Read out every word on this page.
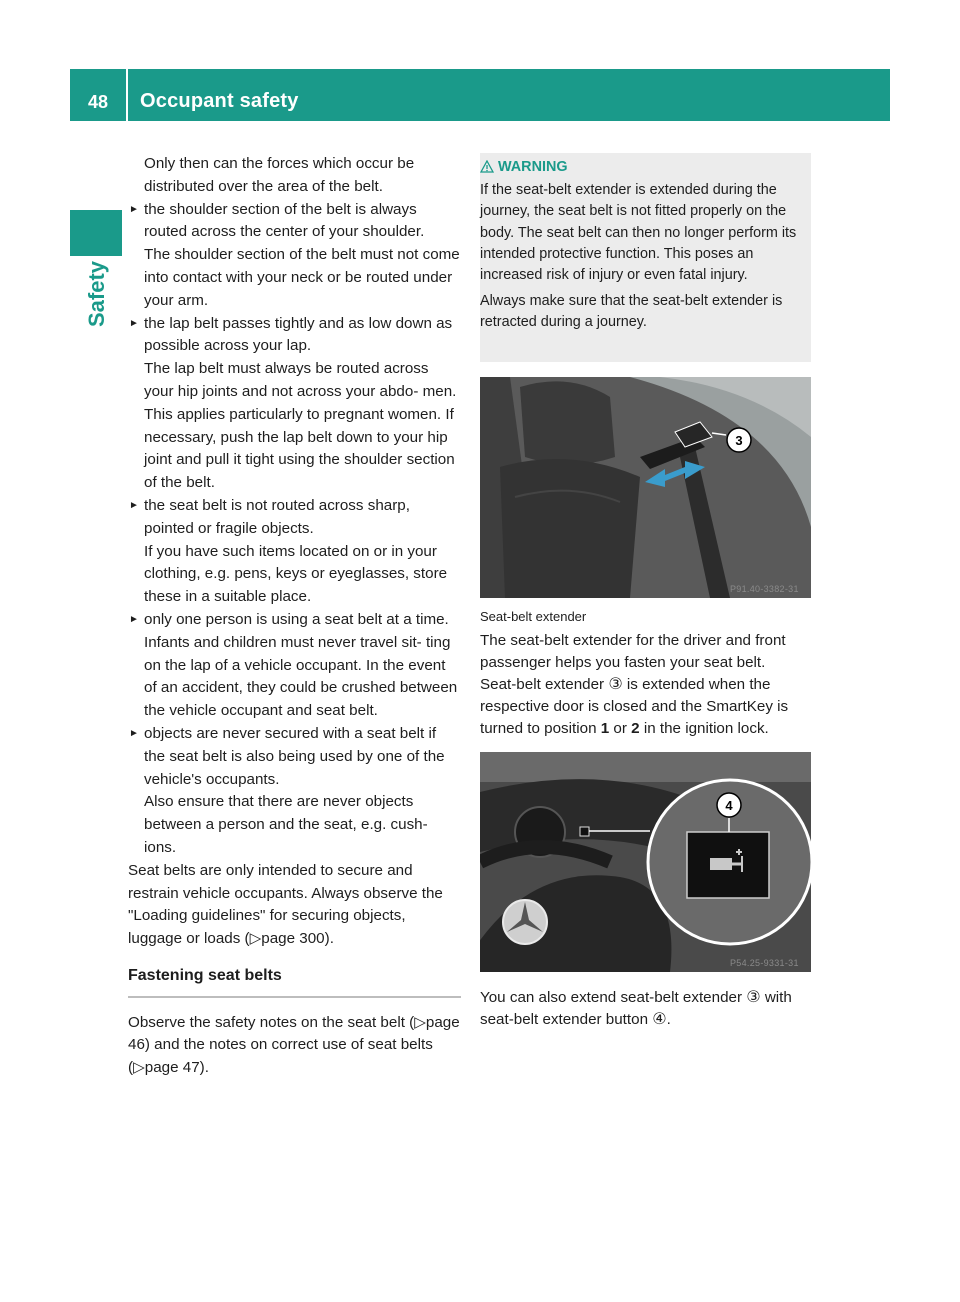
48	Occupant safety
Safety

Only then can the forces which occur be distributed over the area of the belt.

► the shoulder section of the belt is always routed across the center of your shoulder.

The shoulder section of the belt must not come into contact with your neck or be routed under your arm.

► the lap belt passes tightly and as low down as possible across your lap.

The lap belt must always be routed across your hip joints and not across your abdo- men. This applies particularly to pregnant women. If necessary, push the lap belt down to your hip joint and pull it tight using the shoulder section of the belt.

► the seat belt is not routed across sharp, pointed or fragile objects.

If you have such items located on or in your clothing, e.g. pens, keys or eyeglasses, store these in a suitable place.

► only one person is using a seat belt at a time.

Infants and children must never travel sit- ting on the lap of a vehicle occupant. In the event of an accident, they could be crushed between the vehicle occupant and seat belt.

► objects are never secured with a seat belt if the seat belt is also being used by one of the vehicle's occupants.

Also ensure that there are never objects between a person and the seat, e.g. cush- ions.

Seat belts are only intended to secure and restrain vehicle occupants. Always observe the "Loading guidelines" for securing objects, luggage or loads (▷page 300).

Fastening seat belts

Observe the safety notes on the seat belt (▷page 46) and the notes on correct use of seat belts (▷page 47).

WARNING

If the seat-belt extender is extended during the journey, the seat belt is not fitted properly on the body. The seat belt can then no longer perform its intended protective function. This poses an increased risk of injury or even fatal injury.

Always make sure that the seat-belt extender is retracted during a journey.

3
P91.40-3382-31

Seat-belt extender

The seat-belt extender for the driver and front passenger helps you fasten your seat belt.

Seat-belt extender ③ is extended when the respective door is closed and the SmartKey is turned to position 1 or 2 in the ignition lock.

4
P54.25-9331-31

You can also extend seat-belt extender ③ with seat-belt extender button ④.
